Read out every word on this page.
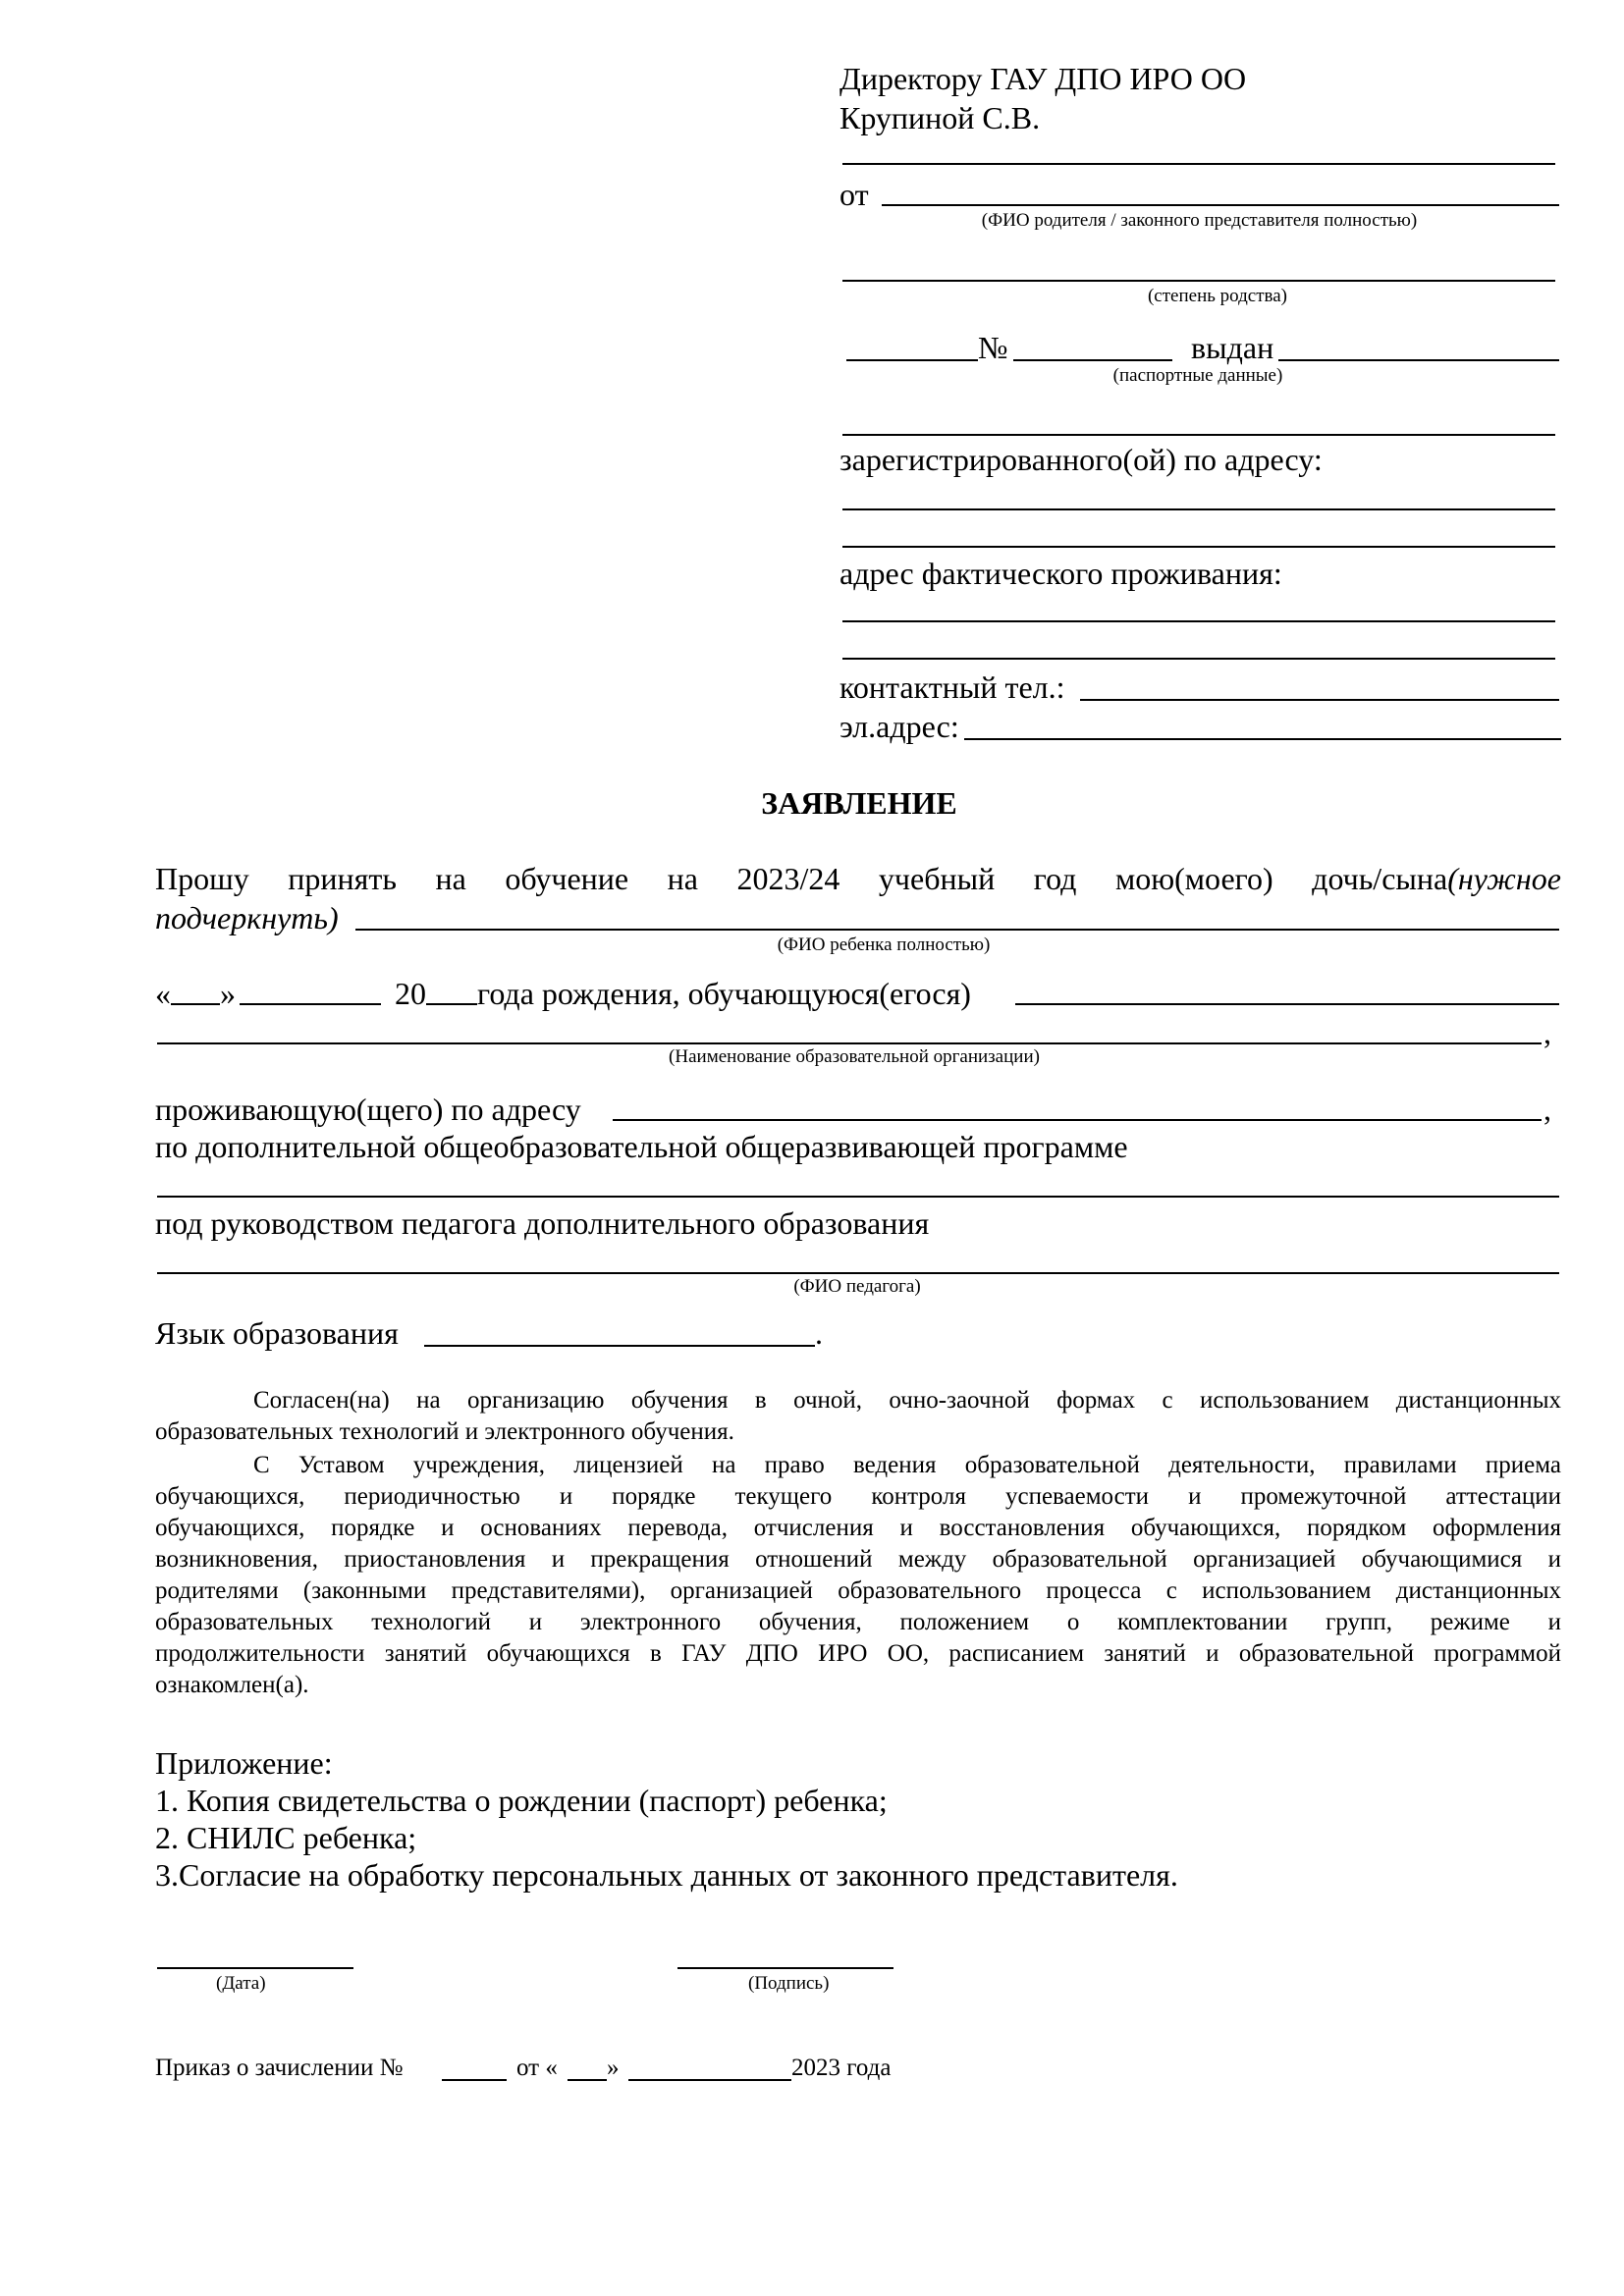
Директору ГАУ ДПО ИРО ОО
Крупиной С.В.
от
(ФИО родителя / законного представителя полностью)
(степень родства)
№	выдан
(паспортные данные)
зарегистрированного(ой) по адресу:
адрес фактического проживания:
контактный тел.:
эл.адрес:
ЗАЯВЛЕНИЕ
Прошу принять на обучение на 2023/24 учебный год мою(моего) дочь/сына(нужное
подчеркнуть)
(ФИО ребенка полностью)
« »	20 года рождения, обучающуюся(егося)
,
(Наименование образовательной организации)
проживающую(щего) по адресу	,
по дополнительной общеобразовательной общеразвивающей программе
под руководством педагога дополнительного образования
(ФИО педагога)
Язык образования	.
Согласен(на) на организацию обучения в очной, очно-заочной формах с использованием дистанционных
образовательных технологий и электронного обучения.
С Уставом учреждения, лицензией на право ведения образовательной деятельности, правилами приема
обучающихся, периодичностью и порядке текущего контроля успеваемости и промежуточной аттестации
обучающихся, порядке и основаниях перевода, отчисления и восстановления обучающихся, порядком оформления
возникновения, приостановления и прекращения отношений между образовательной организацией обучающимися и
родителями (законными представителями), организацией образовательного процесса с использованием дистанционных
образовательных технологий и электронного обучения, положением о комплектовании групп, режиме и
продолжительности занятий обучающихся в ГАУ ДПО ИРО ОО, расписанием занятий и образовательной программой
ознакомлен(а).
Приложение:
1. Копия свидетельства о рождении (паспорт) ребенка;
2. СНИЛС ребенка;
3.Согласие на обработку персональных данных от законного представителя.
(Дата)	(Подпись)
Приказ о зачислении №	от « »	2023 года
